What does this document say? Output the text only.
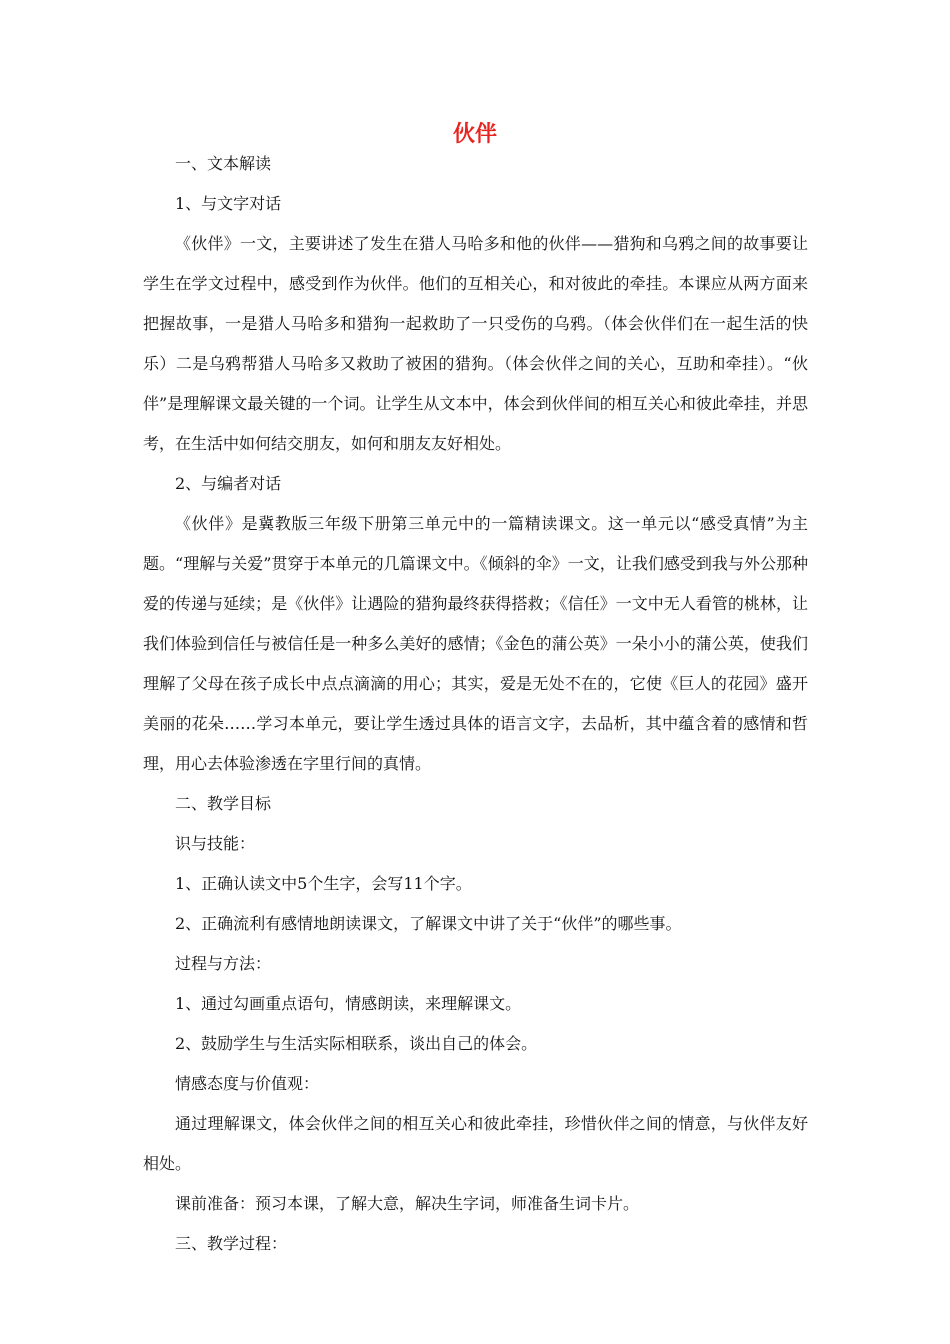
伙伴

一、文本解读

1、与文字对话

《伙伴》一文，主要讲述了发生在猎人马哈多和他的伙伴——猎狗和乌鸦之间的故事要让学生在学文过程中，感受到作为伙伴。他们的互相关心，和对彼此的牵挂。本课应从两方面来把握故事，一是猎人马哈多和猎狗一起救助了一只受伤的乌鸦。（体会伙伴们在一起生活的快乐）二是乌鸦帮猎人马哈多又救助了被困的猎狗。（体会伙伴之间的关心，互助和牵挂）。“伙伴”是理解课文最关键的一个词。让学生从文本中，体会到伙伴间的相互关心和彼此牵挂，并思考，在生活中如何结交朋友，如何和朋友友好相处。

2、与编者对话

《伙伴》是冀教版三年级下册第三单元中的一篇精读课文。这一单元以“感受真情”为主题。“理解与关爱”贯穿于本单元的几篇课文中。《倾斜的伞》一文，让我们感受到我与外公那种爱的传递与延续；是《伙伴》让遇险的猎狗最终获得搭救；《信任》一文中无人看管的桃林，让我们体验到信任与被信任是一种多么美好的感情；《金色的蒲公英》一朵小小的蒲公英，使我们理解了父母在孩子成长中点点滴滴的用心；其实，爱是无处不在的，它使《巨人的花园》盛开美丽的花朵……学习本单元，要让学生透过具体的语言文字，去品析，其中蕴含着的感情和哲理，用心去体验渗透在字里行间的真情。

二、教学目标

识与技能：

1、正确认读文中5个生字，会写11个字。

2、正确流利有感情地朗读课文，了解课文中讲了关于“伙伴”的哪些事。

过程与方法：

1、通过勾画重点语句，情感朗读，来理解课文。

2、鼓励学生与生活实际相联系，谈出自己的体会。

情感态度与价值观：

通过理解课文，体会伙伴之间的相互关心和彼此牵挂，珍惜伙伴之间的情意，与伙伴友好相处。

课前准备：预习本课，了解大意，解决生字词，师准备生词卡片。

三、教学过程：
